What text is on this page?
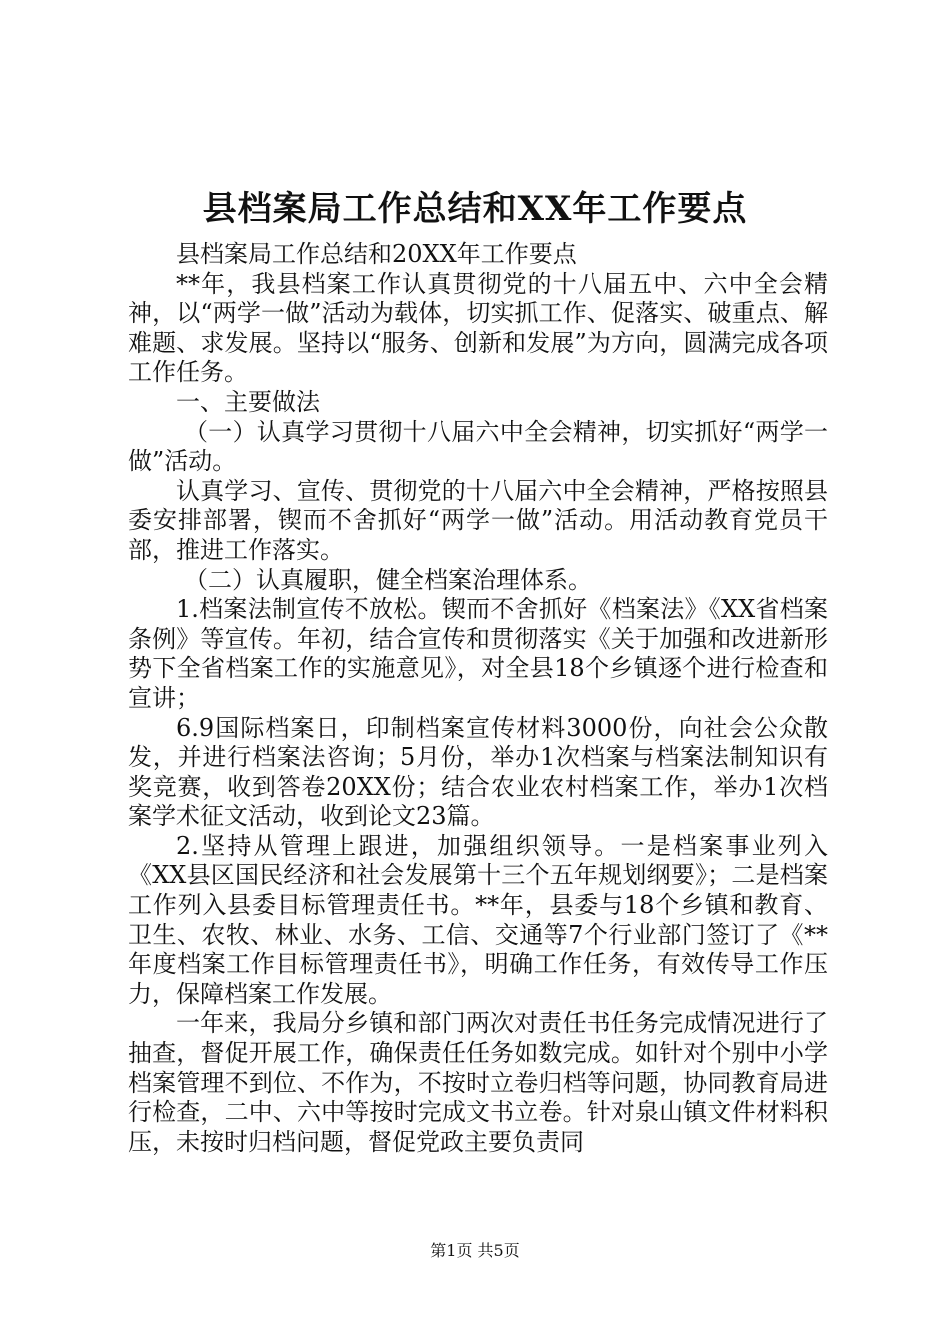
县档案局工作总结和XX年工作要点

县档案局工作总结和20XX年工作要点

**年，我县档案工作认真贯彻党的十八届五中、六中全会精神，以“两学一做”活动为载体，切实抓工作、促落实、破重点、解难题、求发展。坚持以“服务、创新和发展”为方向，圆满完成各项工作任务。

一、主要做法

（一）认真学习贯彻十八届六中全会精神，切实抓好“两学一做”活动。

认真学习、宣传、贯彻党的十八届六中全会精神，严格按照县委安排部署，锲而不舍抓好“两学一做”活动。用活动教育党员干部，推进工作落实。

（二）认真履职，健全档案治理体系。

1.档案法制宣传不放松。锲而不舍抓好《档案法》《XX省档案条例》等宣传。年初，结合宣传和贯彻落实《关于加强和改进新形势下全省档案工作的实施意见》，对全县18个乡镇逐个进行检查和宣讲；

6.9国际档案日，印制档案宣传材料3000份，向社会公众散发，并进行档案法咨询；5月份，举办1次档案与档案法制知识有奖竞赛，收到答卷20XX份；结合农业农村档案工作，举办1次档案学术征文活动，收到论文23篇。

2.坚持从管理上跟进，加强组织领导。一是档案事业列入《XX县区国民经济和社会发展第十三个五年规划纲要》；二是档案工作列入县委目标管理责任书。**年，县委与18个乡镇和教育、卫生、农牧、林业、水务、工信、交通等7个行业部门签订了《**年度档案工作目标管理责任书》，明确工作任务，有效传导工作压力，保障档案工作发展。

一年来，我局分乡镇和部门两次对责任书任务完成情况进行了抽查，督促开展工作，确保责任任务如数完成。如针对个别中小学档案管理不到位、不作为，不按时立卷归档等问题，协同教育局进行检查，二中、六中等按时完成文书立卷。针对泉山镇文件材料积压，未按时归档问题，督促党政主要负责同

第1页 共5页
